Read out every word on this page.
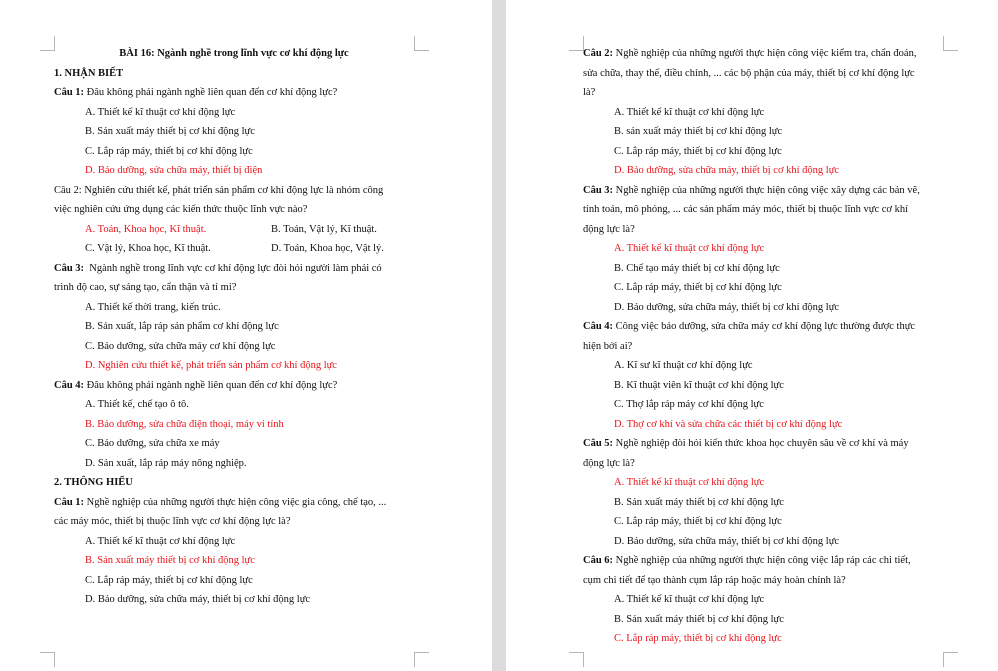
BÀI 16: Ngành nghề trong lĩnh vực cơ khí động lực
1. NHẬN BIẾT
Câu 1: Đâu không phải ngành nghề liên quan đến cơ khí động lực?
A. Thiết kế kĩ thuật cơ khí động lực
B. Sản xuất máy thiết bị cơ khí động lực
C. Lắp ráp máy, thiết bị cơ khí động lực
D. Bảo dưỡng, sửa chữa máy, thiết bị điện
Câu 2: Nghiên cứu thiết kế, phát triển sản phẩm cơ khí động lực là nhóm công
việc nghiên cứu ứng dụng các kiến thức thuộc lĩnh vực nào?
A. Toán, Khoa học, Kĩ thuật.	B. Toán, Vật lý, Kĩ thuật.
C. Vật lý, Khoa học, Kĩ thuật.	D. Toán, Khoa học, Vật lý.
Câu 3:  Ngành nghề trong lĩnh vực cơ khí động lực đòi hỏi người làm phải có
trình độ cao, sự sáng tạo, cẩn thận và tỉ mỉ?
A. Thiết kế thời trang, kiến trúc.
B. Sản xuất, lắp ráp sản phẩm cơ khí động lực
C. Bảo dưỡng, sửa chữa máy cơ khí động lực
D. Nghiên cứu thiết kế, phát triển sản phẩm cơ khí động lực
Câu 4: Đâu không phải ngành nghề liên quan đến cơ khí động lực?
A. Thiết kế, chế tạo ô tô.
B. Bảo dưỡng, sửa chữa điện thoại, máy vi tính
C. Bảo dưỡng, sửa chữa xe máy
D. Sản xuất, lắp ráp máy nông nghiệp.
2. THÔNG HIỂU
Câu 1: Nghề nghiệp của những người thực hiện công việc gia công, chế tạo, ...
các máy móc, thiết bị thuộc lĩnh vực cơ khí động lực là?
A. Thiết kế kĩ thuật cơ khí động lực
B. Sản xuất máy thiết bị cơ khí động lực
C. Lắp ráp máy, thiết bị cơ khí động lực
D. Bảo dưỡng, sửa chữa máy, thiết bị cơ khí động lực
Câu 2: Nghề nghiệp của những người thực hiện công việc kiểm tra, chẩn đoán,
sửa chữa, thay thế, điều chỉnh, ... các bộ phận của máy, thiết bị cơ khí động lực
là?
A. Thiết kế kĩ thuật cơ khí động lực
B. sản xuất máy thiết bị cơ khí động lực
C. Lắp ráp máy, thiết bị cơ khí động lực
D. Bảo dưỡng, sửa chữa máy, thiết bị cơ khí động lực
Câu 3: Nghề nghiệp của những người thực hiện công việc xây dựng các bản vẽ,
tính toán, mô phỏng, ... các sản phẩm máy móc, thiết bị thuộc lĩnh vực cơ khí
động lực là?
A. Thiết kế kĩ thuật cơ khí động lực
B. Chế tạo máy thiết bị cơ khí động lực
C. Lắp ráp máy, thiết bị cơ khí động lực
D. Bảo dưỡng, sửa chữa máy, thiết bị cơ khí động lực
Câu 4: Công việc bảo dưỡng, sửa chữa máy cơ khí động lực thường được thực
hiện bởi ai?
A. Kĩ sư kĩ thuật cơ khí động lực
B. Kĩ thuật viên kĩ thuật cơ khí động lực
C. Thợ lắp ráp máy cơ khí động lực
D. Thợ cơ khí và sửa chữa các thiết bị cơ khí động lực
Câu 5: Nghề nghiệp đòi hỏi kiến thức khoa học chuyên sâu về cơ khí và máy
động lực là?
A. Thiết kế kĩ thuật cơ khí động lực
B. Sản xuất máy thiết bị cơ khí động lực
C. Lắp ráp máy, thiết bị cơ khí động lực
D. Bảo dưỡng, sửa chữa máy, thiết bị cơ khí động lực
Câu 6: Nghề nghiệp của những người thực hiện công việc lắp ráp các chi tiết,
cụm chi tiết để tạo thành cụm lắp ráp hoặc máy hoàn chỉnh là?
A. Thiết kế kĩ thuật cơ khí động lực
B. Sản xuất máy thiết bị cơ khí động lực
C. Lắp ráp máy, thiết bị cơ khí động lực
